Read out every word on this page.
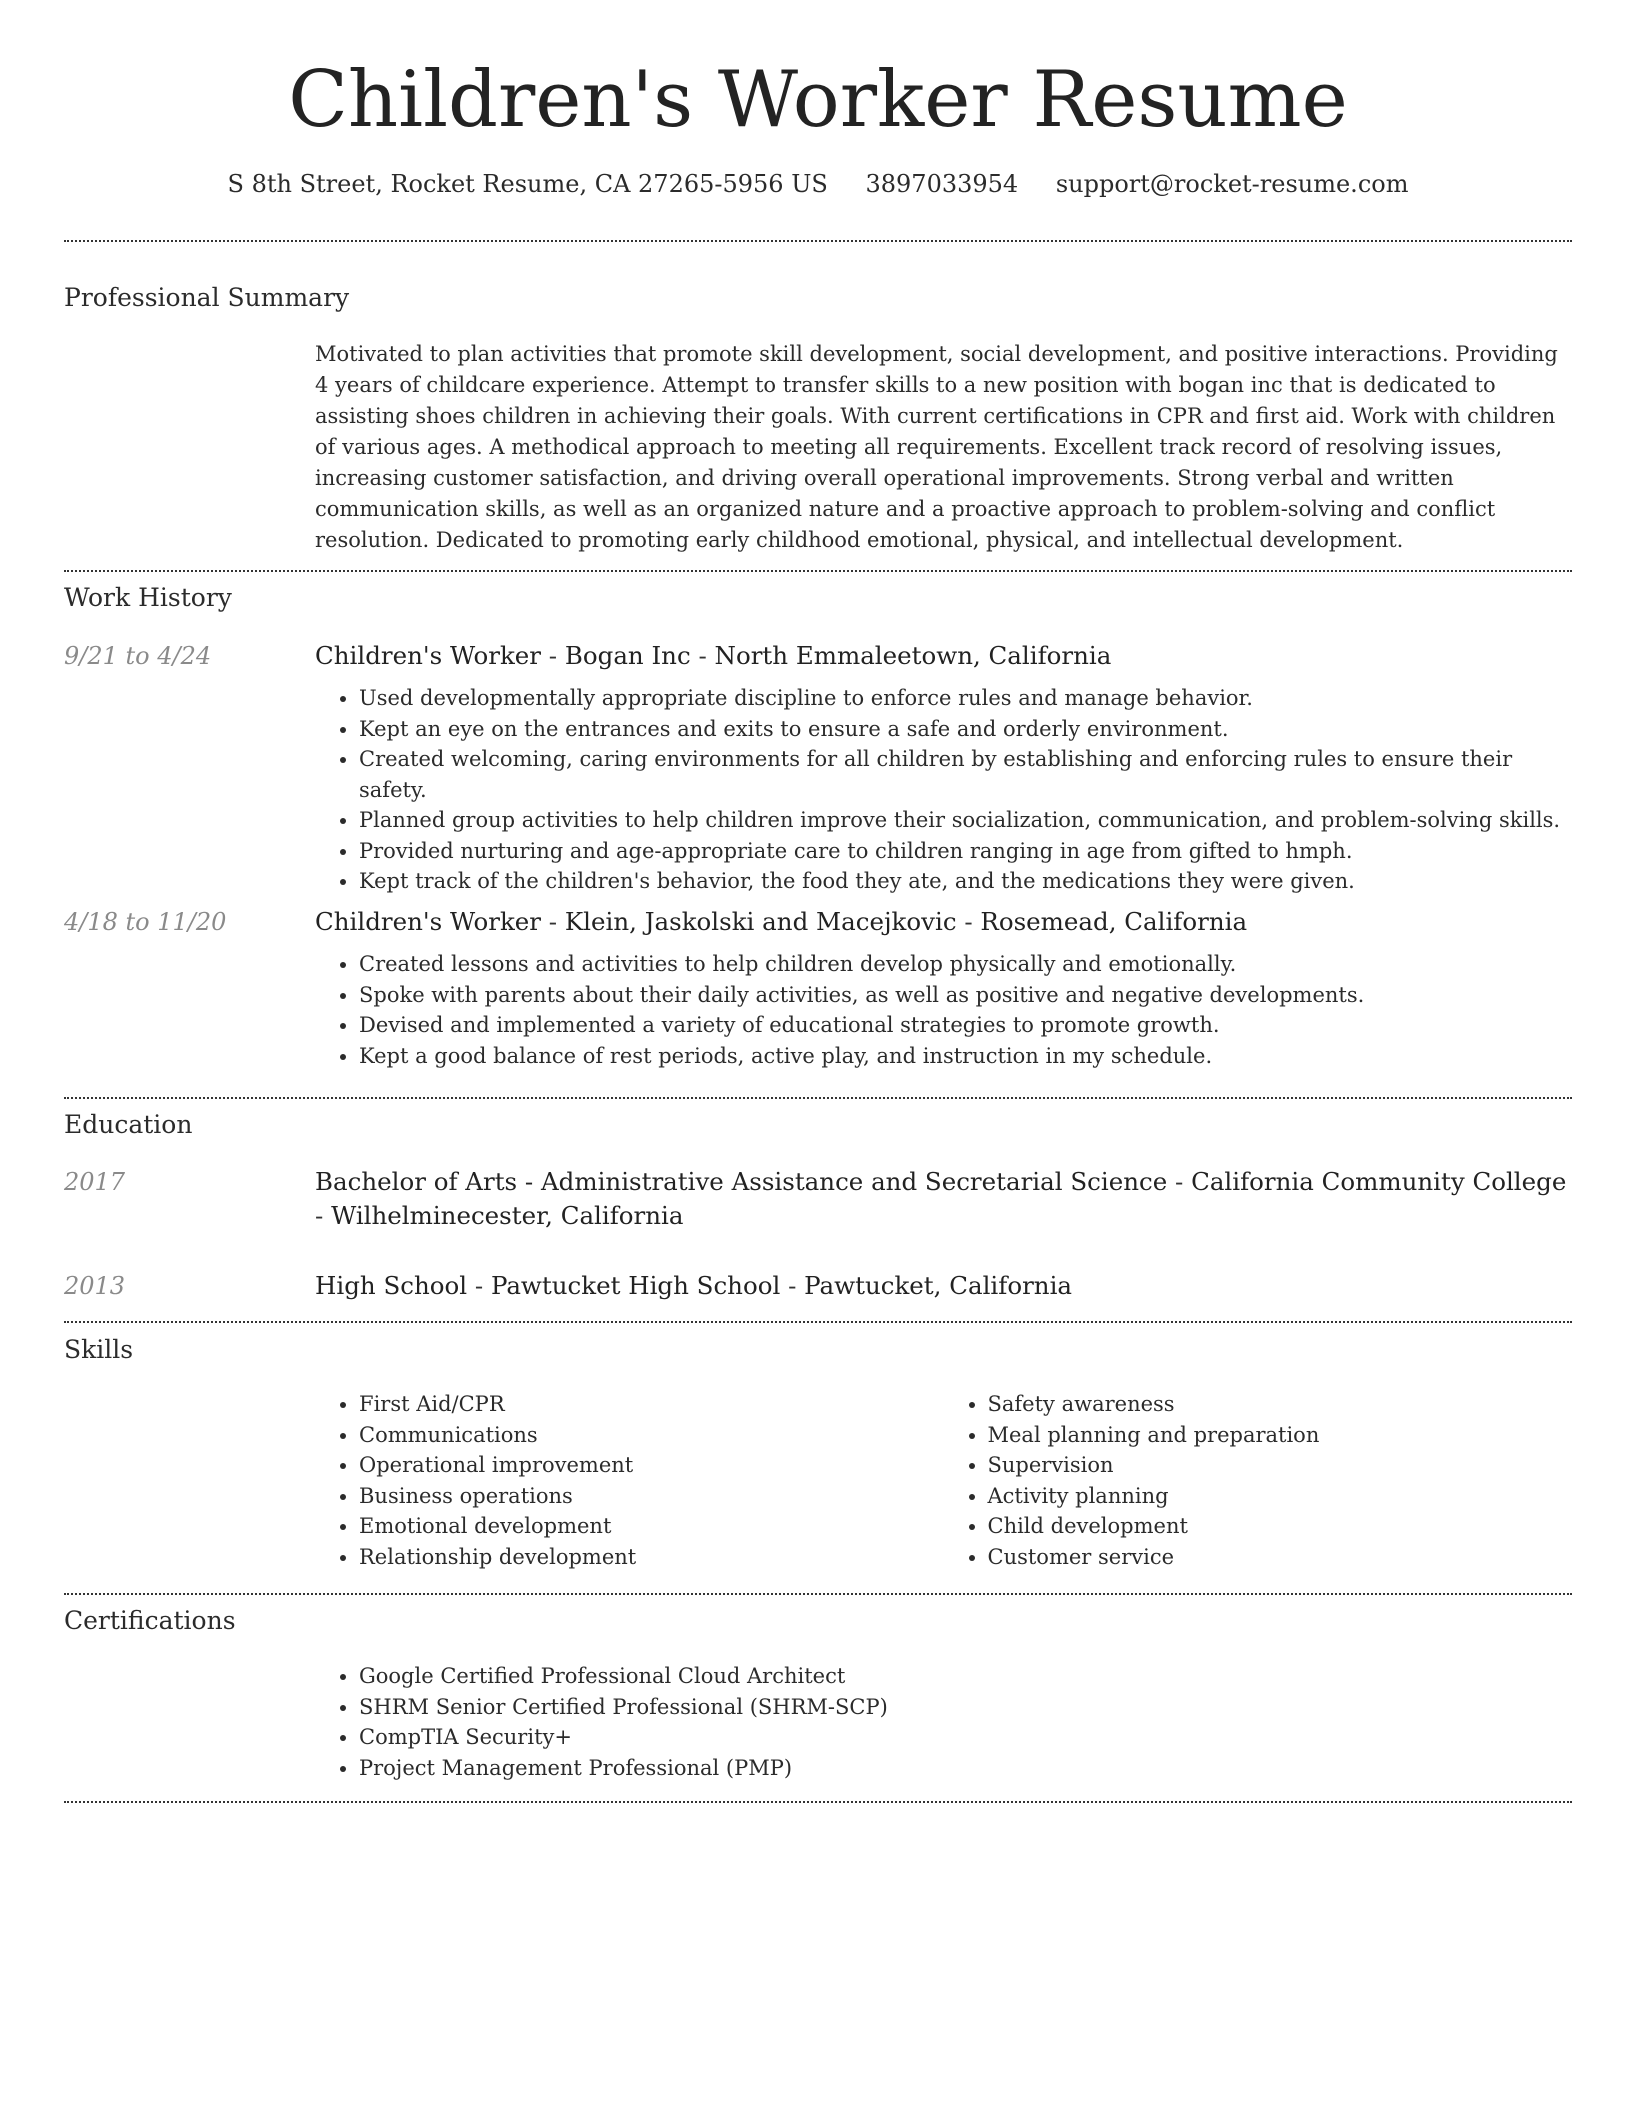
Children's Worker Resume
S 8th Street, Rocket Resume, CA 27265-5956 US 3897033954 support@rocket-resume.com
Professional Summary

Motivated to plan activities that promote skill development, social development, and positive interactions. Providing 4 years of childcare experience. Attempt to transfer skills to a new position with bogan inc that is dedicated to assisting shoes children in achieving their goals. With current certifications in CPR and first aid. Work with children of various ages. A methodical approach to meeting all requirements. Excellent track record of resolving issues, increasing customer satisfaction, and driving overall operational improvements. Strong verbal and written communication skills, as well as an organized nature and a proactive approach to problem-solving and conflict resolution. Dedicated to promoting early childhood emotional, physical, and intellectual development.

Work History
9/21 to 4/24	Children's Worker - Bogan Inc - North Emmaleetown, California
• Used developmentally appropriate discipline to enforce rules and manage behavior.
• Kept an eye on the entrances and exits to ensure a safe and orderly environment.
• Created welcoming, caring environments for all children by establishing and enforcing rules to ensure their safety.
• Planned group activities to help children improve their socialization, communication, and problem-solving skills.
• Provided nurturing and age-appropriate care to children ranging in age from gifted to hmph.
• Kept track of the children's behavior, the food they ate, and the medications they were given.
4/18 to 11/20	Children's Worker - Klein, Jaskolski and Macejkovic - Rosemead, California
• Created lessons and activities to help children develop physically and emotionally.
• Spoke with parents about their daily activities, as well as positive and negative developments.
• Devised and implemented a variety of educational strategies to promote growth.
• Kept a good balance of rest periods, active play, and instruction in my schedule.
Education
2017	Bachelor of Arts - Administrative Assistance and Secretarial Science - California Community College - Wilhelminecester, California
2013	High School - Pawtucket High School - Pawtucket, California
Skills
• First Aid/CPR
• Communications
• Operational improvement
• Business operations
• Emotional development
• Relationship development
• Safety awareness
• Meal planning and preparation
• Supervision
• Activity planning
• Child development
• Customer service
Certifications
• Google Certified Professional Cloud Architect
• SHRM Senior Certified Professional (SHRM-SCP)
• CompTIA Security+
• Project Management Professional (PMP)
